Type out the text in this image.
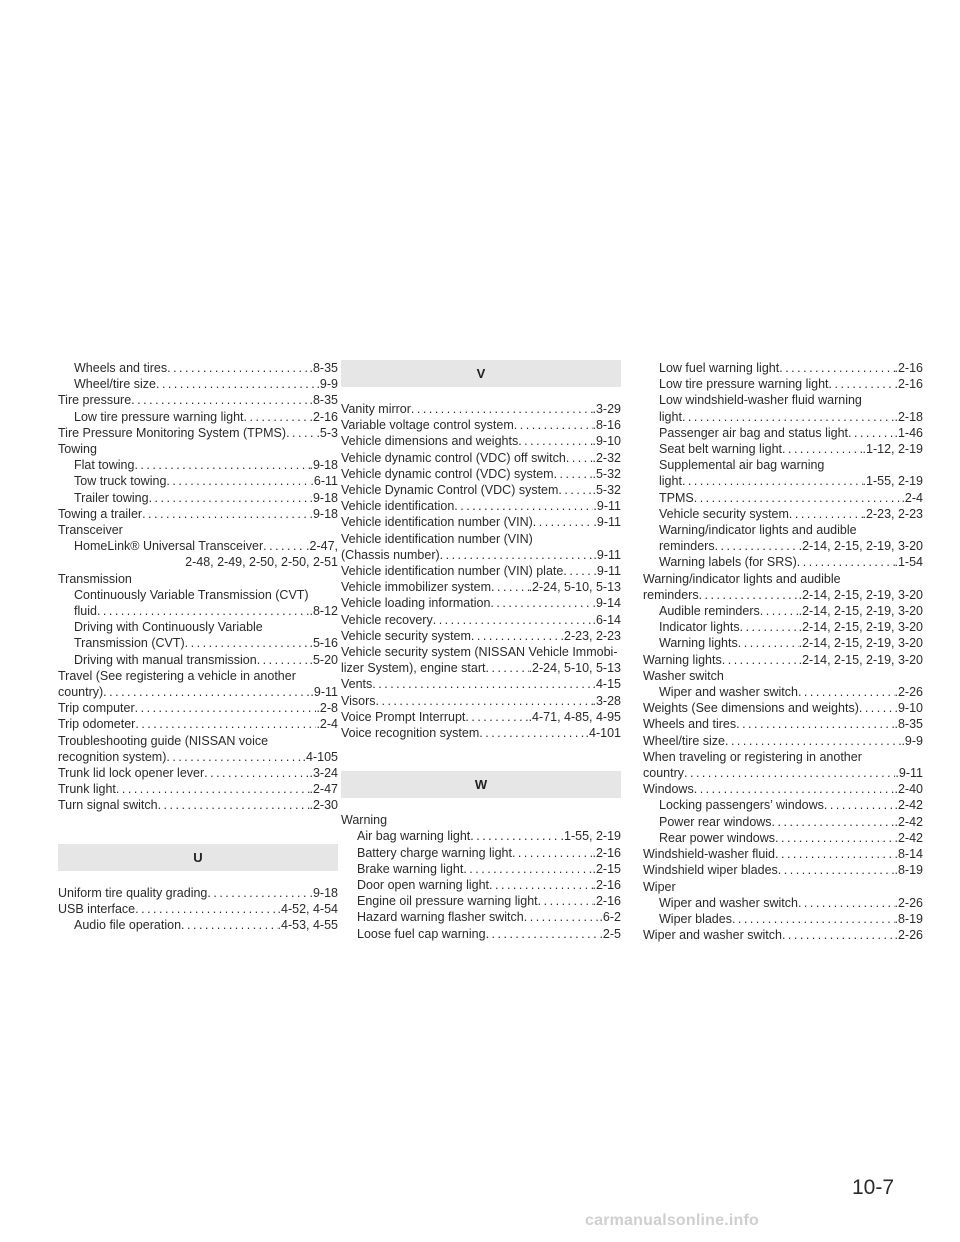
Wheels and tires .....	.8-35
Wheel/tire size .....	.9-9
Tire pressure .....	.8-35
Low tire pressure warning light .....	.2-16
Tire Pressure Monitoring System (TPMS) ..... .5-3
Towing
Flat towing .....	.9-18
Tow truck towing .....	.6-11
Trailer towing .....	.9-18
Towing a trailer .....	.9-18
Transceiver
HomeLink® Universal Transceiver .....	.2-47,
2-48, 2-49, 2-50, 2-50, 2-51
Transmission
Continuously Variable Transmission (CVT)
fluid .....	.8-12
Driving with Continuously Variable
Transmission (CVT) .....	.5-16
Driving with manual transmission .....	.5-20
Travel (See registering a vehicle in another
country) .....	.9-11
Trip computer .....	.2-8
Trip odometer .....	.2-4
Troubleshooting guide (NISSAN voice
recognition system) .....	.4-105
Trunk lid lock opener lever .....	.3-24
Trunk light .....	.2-47
Turn signal switch .....	.2-30
U
Uniform tire quality grading .....	.9-18
USB interface .....	.4-52, 4-54
Audio file operation .....	.4-53, 4-55
V
Vanity mirror .....	.3-29
Variable voltage control system .....	.8-16
Vehicle dimensions and weights .....	.9-10
Vehicle dynamic control (VDC) off switch ..... .2-32
Vehicle dynamic control (VDC) system .....	.5-32
Vehicle Dynamic Control (VDC) system .....	.5-32
Vehicle identification .....	.9-11
Vehicle identification number (VIN) .....	.9-11
Vehicle identification number (VIN)
(Chassis number) .....	.9-11
Vehicle identification number (VIN) plate ..... .9-11
Vehicle immobilizer system .....	.2-24, 5-10, 5-13
Vehicle loading information .....	.9-14
Vehicle recovery .....	.6-14
Vehicle security system .....	.2-23, 2-23
Vehicle security system (NISSAN Vehicle Immobi-
lizer System), engine start .....	.2-24, 5-10, 5-13
Vents .....	.4-15
Visors .....	.3-28
Voice Prompt Interrupt .....	.4-71, 4-85, 4-95
Voice recognition system .....	.4-101
W
Warning
Air bag warning light .....	.1-55, 2-19
Battery charge warning light .....	.2-16
Brake warning light .....	.2-15
Door open warning light .....	.2-16
Engine oil pressure warning light .....	.2-16
Hazard warning flasher switch .....	.6-2
Loose fuel cap warning .....	.2-5
Low fuel warning light .....	.2-16
Low tire pressure warning light .....	.2-16
Low windshield-washer fluid warning
light .....	.2-18
Passenger air bag and status light .....	.1-46
Seat belt warning light .....	.1-12, 2-19
Supplemental air bag warning
light .....	.1-55, 2-19
TPMS .....	.2-4
Vehicle security system .....	.2-23, 2-23
Warning/indicator lights and audible
reminders .....	.2-14, 2-15, 2-19, 3-20
Warning labels (for SRS) .....	.1-54
Warning/indicator lights and audible
reminders .....	.2-14, 2-15, 2-19, 3-20
Audible reminders .....	.2-14, 2-15, 2-19, 3-20
Indicator lights .....	.2-14, 2-15, 2-19, 3-20
Warning lights .....	.2-14, 2-15, 2-19, 3-20
Warning lights .....	.2-14, 2-15, 2-19, 3-20
Washer switch
Wiper and washer switch .....	.2-26
Weights (See dimensions and weights) .....	.9-10
Wheels and tires .....	.8-35
Wheel/tire size .....	.9-9
When traveling or registering in another
country .....	.9-11
Windows .....	.2-40
Locking passengers’ windows .....	.2-42
Power rear windows .....	.2-42
Rear power windows .....	.2-42
Windshield-washer fluid .....	.8-14
Windshield wiper blades .....	.8-19
Wiper
Wiper and washer switch .....	.2-26
Wiper blades .....	.8-19
Wiper and washer switch .....	.2-26
10-7
carmanualsonline.info
